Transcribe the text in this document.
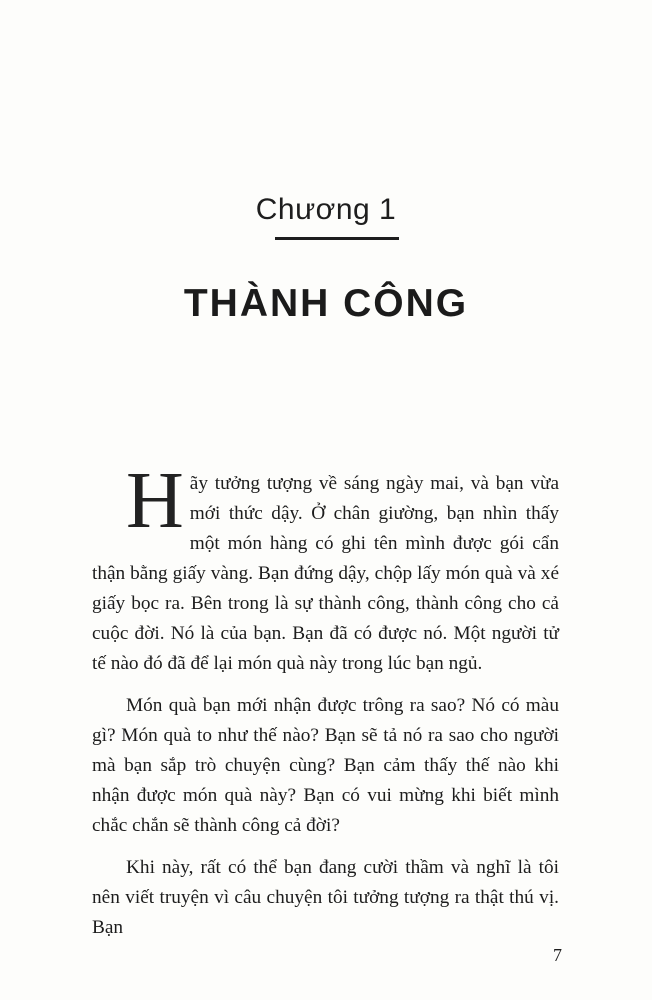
Chương 1
THÀNH CÔNG

Hãy tưởng tượng về sáng ngày mai, và bạn vừa mới thức dậy. Ở chân giường, bạn nhìn thấy một món hàng có ghi tên mình được gói cẩn thận bằng giấy vàng. Bạn đứng dậy, chộp lấy món quà và xé giấy bọc ra. Bên trong là sự thành công, thành công cho cả cuộc đời. Nó là của bạn. Bạn đã có được nó. Một người tử tế nào đó đã để lại món quà này trong lúc bạn ngủ.

Món quà bạn mới nhận được trông ra sao? Nó có màu gì? Món quà to như thế nào? Bạn sẽ tả nó ra sao cho người mà bạn sắp trò chuyện cùng? Bạn cảm thấy thế nào khi nhận được món quà này? Bạn có vui mừng khi biết mình chắc chắn sẽ thành công cả đời?

Khi này, rất có thể bạn đang cười thầm và nghĩ là tôi nên viết truyện vì câu chuyện tôi tưởng tượng ra thật thú vị. Bạn

7
